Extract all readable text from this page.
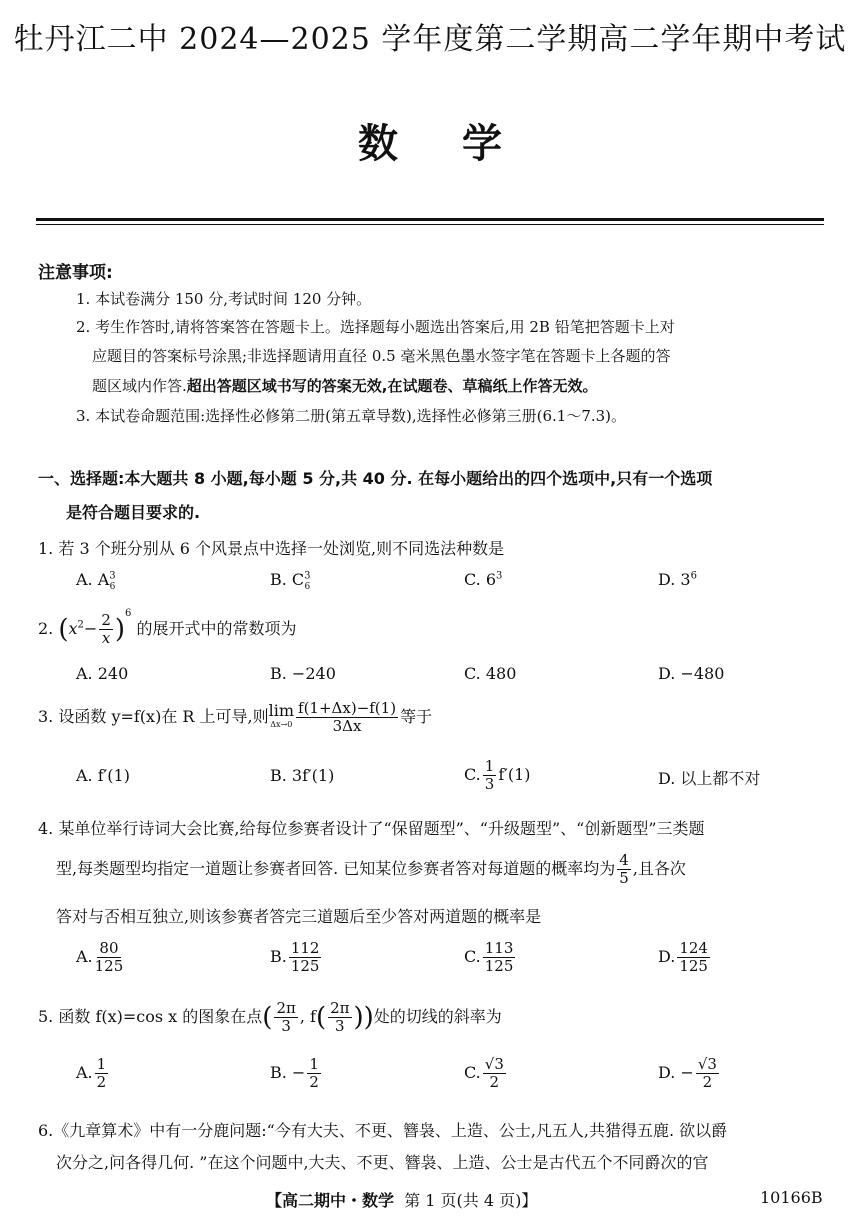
牡丹江二中 2024—2025 学年度第二学期高二学年期中考试
数学
注意事项:
1. 本试卷满分 150 分,考试时间 120 分钟。
2. 考生作答时,请将答案答在答题卡上。选择题每小题选出答案后,用 2B 铅笔把答题卡上对
应题目的答案标号涂黑;非选择题请用直径 0.5 毫米黑色墨水签字笔在答题卡上各题的答
题区域内作答.超出答题区域书写的答案无效,在试题卷、草稿纸上作答无效。
3. 本试卷命题范围:选择性必修第二册(第五章导数),选择性必修第三册(6.1～7.3)。
一、选择题:本大题共 8 小题,每小题 5 分,共 40 分. 在每小题给出的四个选项中,只有一个选项
是符合题目要求的.
1. 若 3 个班分别从 6 个风景点中选择一处浏览,则不同选法种数是
A. $A^3_6$	B. $C^3_6$	C. $6^3$	D. $3^6$
2. $(x^2- \frac{2}{x} )^6$ 的展开式中的常数项为
A. 240	B. −240	C. 480	D. −480
3. 设函数 y=f(x)在 R 上可导,则 lim
$\Delta x\to 0 \frac{f(1+\Delta x)-f(1)}{3\Delta x}$ 等于
A. f′(1)	B. 3f′(1)	C. $\frac{1}{3} f'(1)$	D. 以上都不对
4. 某单位举行诗词大会比赛,给每位参赛者设计了“保留题型”、“升级题型”、“创新题型”三类题
型,每类题型均指定一道题让参赛者回答. 已知某位参赛者答对每道题的概率均为 $\frac{4}{5}$ ,且各次
答对与否相互独立,则该参赛者答完三道题后至少答对两道题的概率是
A. $\frac{80}{125}$	B. $\frac{112}{125}$	C. $\frac{113}{125}$	D. $\frac{124}{125}$
5. 函数 f(x)=cos x 的图象在点( $\frac{2\pi}{3}$ , $f( \frac{2\pi}{3}$ ))处的切线的斜率为
A. $\frac{1}{2}$	B. − $\frac{1}{2}$	C. $\frac{√3}{2}$	D. − $\frac{√3}{2}$
6.《九章算术》中有一分鹿问题:“今有大夫、不更、簪袅、上造、公士,凡五人,共猎得五鹿. 欲以爵
次分之,问各得几何. ”在这个问题中,大夫、不更、簪袅、上造、公士是古代五个不同爵次的官
【高二期中・数学 第 1 页(共 4 页)】	10166B
